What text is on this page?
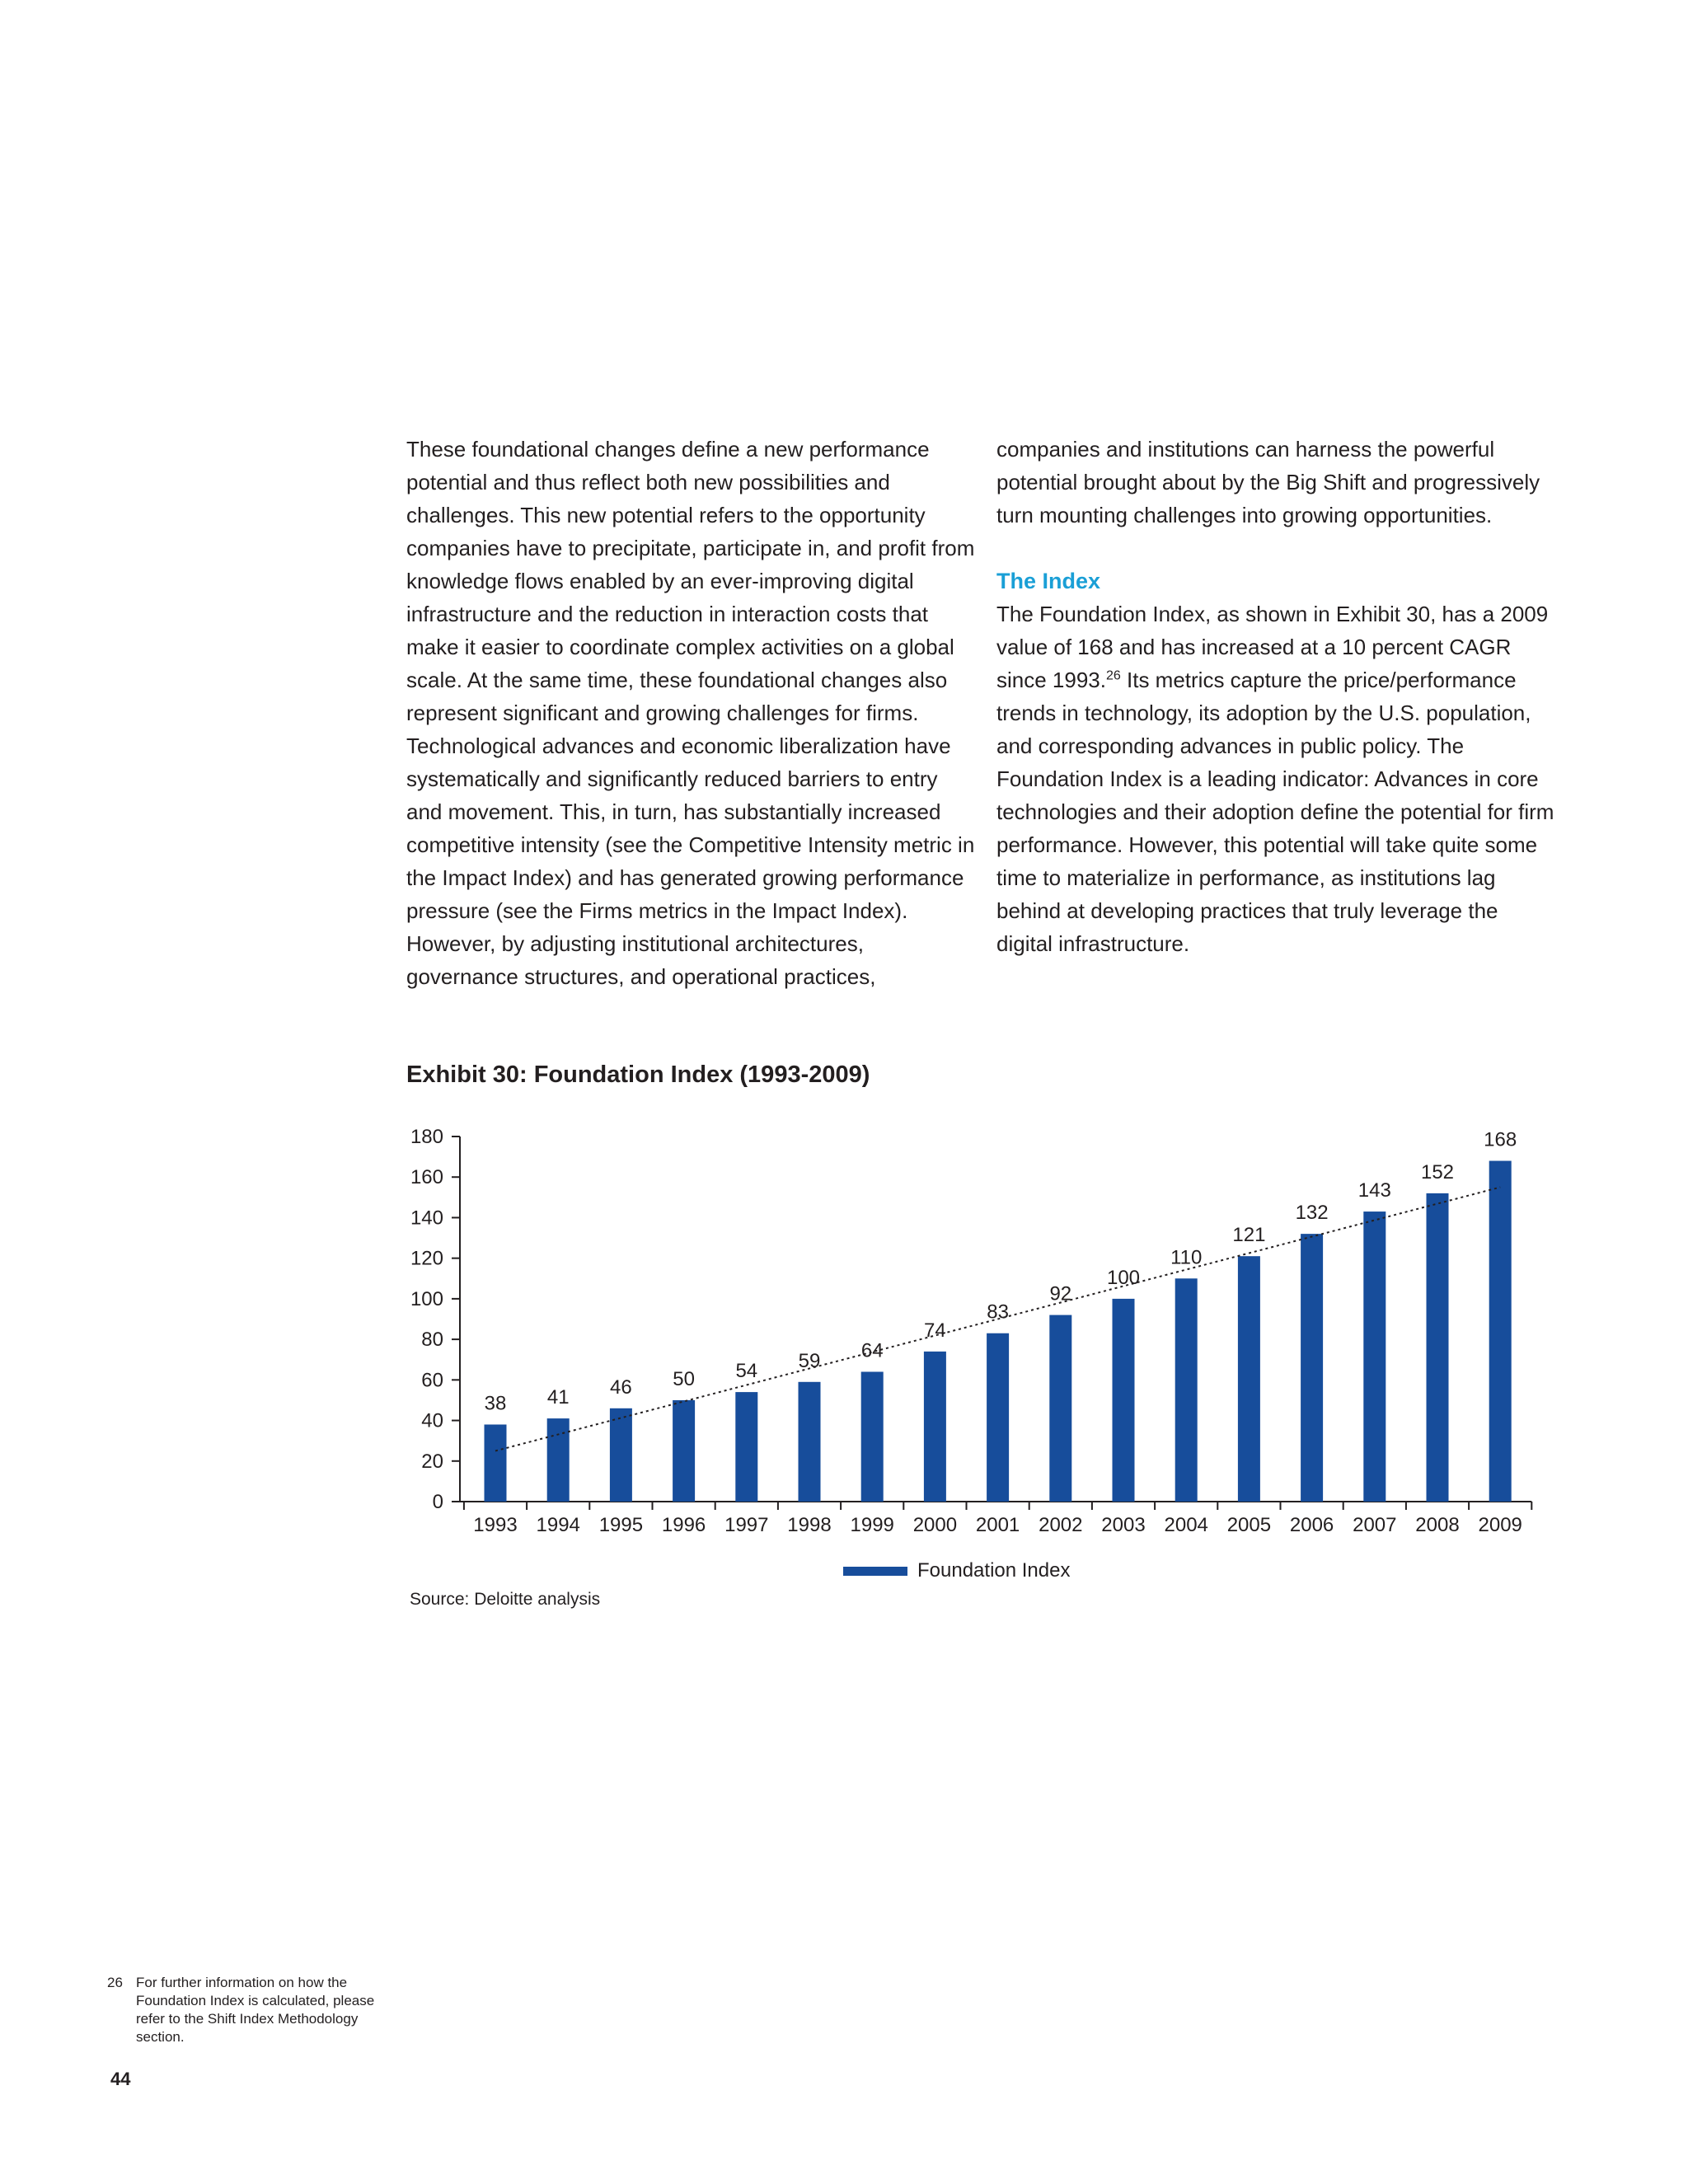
These foundational changes define a new performance potential and thus reflect both new possibilities and challenges. This new potential refers to the opportunity companies have to precipitate, participate in, and profit from knowledge flows enabled by an ever-improving digital infrastructure and the reduction in interaction costs that make it easier to coordinate complex activities on a global scale. At the same time, these foundational changes also represent significant and growing challenges for firms. Technological advances and economic liberalization have systematically and significantly reduced barriers to entry and movement. This, in turn, has substantially increased competitive intensity (see the Competitive Intensity metric in the Impact Index) and has generated growing performance pressure (see the Firms metrics in the Impact Index). However, by adjusting institutional architectures, governance structures, and operational practices,

companies and institutions can harness the powerful potential brought about by the Big Shift and progressively turn mounting challenges into growing opportunities.

The Index

The Foundation Index, as shown in Exhibit 30, has a 2009 value of 168 and has increased at a 10 percent CAGR since 1993.26 Its metrics capture the price/performance trends in technology, its adoption by the U.S. population, and corresponding advances in public policy. The Foundation Index is a leading indicator: Advances in core technologies and their adoption define the potential for firm performance. However, this potential will take quite some time to materialize in performance, as institutions lag behind at developing practices that truly leverage the digital infrastructure.

Exhibit 30: Foundation Index (1993-2009)
0
20
40
60
80
100
120
140
160
180
38 41 46 50 54 59 64
74
83
92
100
110
121
132
143
152
168
1993 1994 1995 1996 1997 1998 1999 2000 2001 2002 2003 2004 2005 2006 2007 2008 2009
Foundation Index
Source: Deloitte analysis
26 For further information on how the Foundation Index is calculated, please refer to the Shift Index Methodology section.
44
